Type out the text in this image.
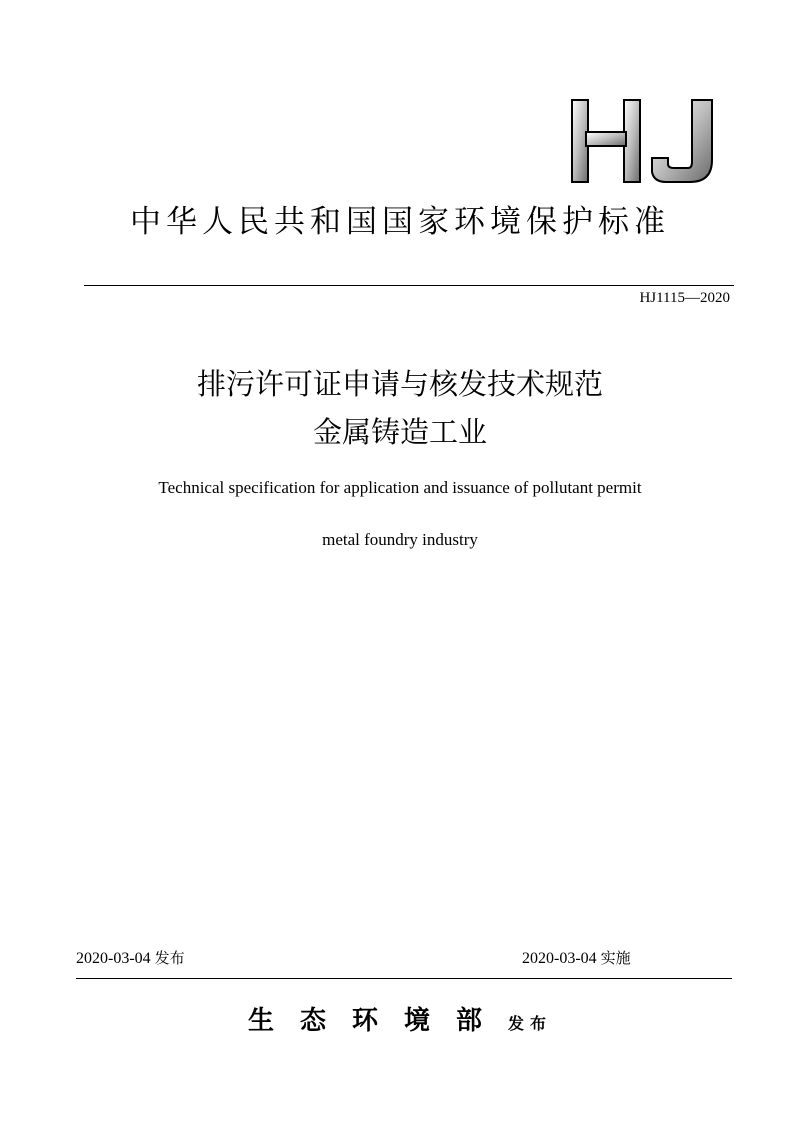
中华人民共和国国家环境保护标准
HJ1115—2020
排污许可证申请与核发技术规范
金属铸造工业
Technical specification for application and issuance of pollutant permit
metal foundry industry
2020-03-04 发布	2020-03-04 实施
生态环境部发布
